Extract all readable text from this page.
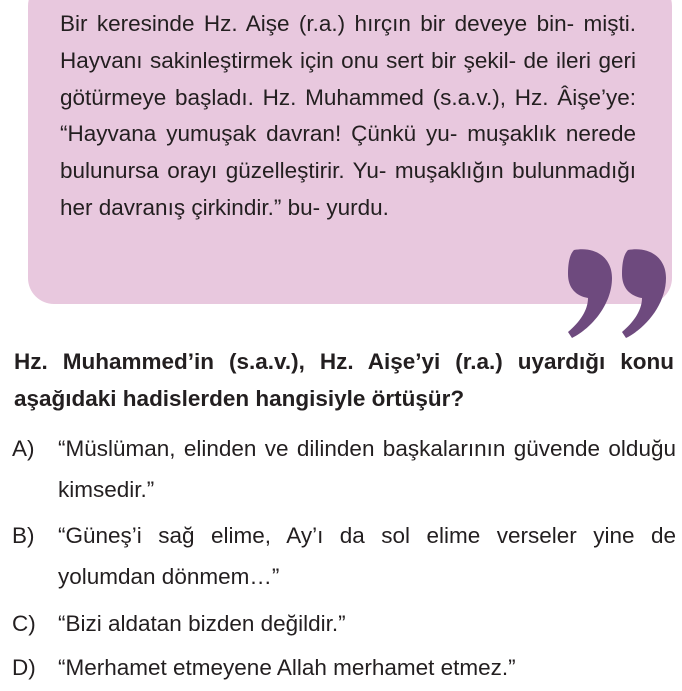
Bir keresinde Hz. Aişe (r.a.) hırçın bir deveye bin- mişti. Hayvanı sakinleştirmek için onu sert bir şekil- de ileri geri götürmeye başladı. Hz. Muhammed (s.a.v.), Hz. Âişe’ye: “Hayvana yumuşak davran! Çünkü yu- muşaklık nerede bulunursa orayı güzelleştirir. Yu- muşaklığın bulunmadığı her davranış çirkindir.” bu- yurdu.

Hz. Muhammed’in (s.a.v.), Hz. Aişe’yi (r.a.) uyardığı konu aşağıdaki hadislerden hangisiyle örtüşür?

A)	“Müslüman, elinden ve dilinden başkalarının güvende olduğu kimsedir.”
B)	“Güneş’i sağ elime, Ay’ı da sol elime verseler yine de yolumdan dönmem…”
C) “Bizi aldatan bizden değildir.”
D) “Merhamet etmeyene Allah merhamet etmez.”
